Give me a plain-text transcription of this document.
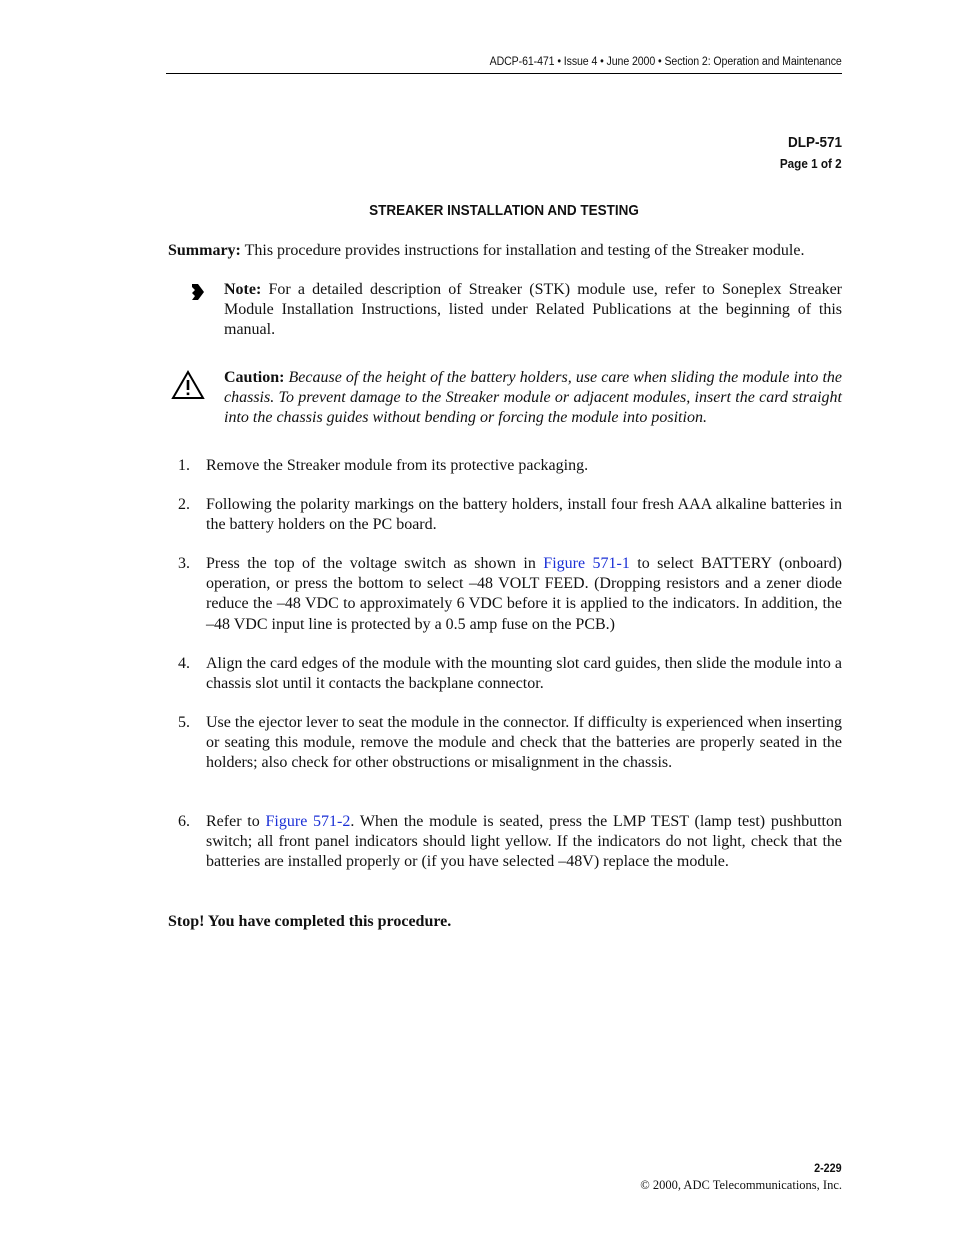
ADCP-61-471 • Issue 4 • June 2000 • Section 2: Operation and Maintenance
DLP-571
Page 1 of 2
STREAKER INSTALLATION AND TESTING
Summary: This procedure provides instructions for installation and testing of the Streaker module.
Note: For a detailed description of Streaker (STK) module use, refer to Soneplex Streaker Module Installation Instructions, listed under Related Publications at the beginning of this manual.
Caution: Because of the height of the battery holders, use care when sliding the module into the chassis. To prevent damage to the Streaker module or adjacent modules, insert the card straight into the chassis guides without bending or forcing the module into position.
1. Remove the Streaker module from its protective packaging.
2. Following the polarity markings on the battery holders, install four fresh AAA alkaline batteries in the battery holders on the PC board.
3. Press the top of the voltage switch as shown in Figure 571-1 to select BATTERY (onboard) operation, or press the bottom to select –48 VOLT FEED. (Dropping resistors and a zener diode reduce the –48 VDC to approximately 6 VDC before it is applied to the indicators. In addition, the –48 VDC input line is protected by a 0.5 amp fuse on the PCB.)
4. Align the card edges of the module with the mounting slot card guides, then slide the module into a chassis slot until it contacts the backplane connector.
5. Use the ejector lever to seat the module in the connector. If difficulty is experienced when inserting or seating this module, remove the module and check that the batteries are properly seated in the holders; also check for other obstructions or misalignment in the chassis.
6. Refer to Figure 571-2. When the module is seated, press the LMP TEST (lamp test) pushbutton switch; all front panel indicators should light yellow. If the indicators do not light, check that the batteries are installed properly or (if you have selected –48V) replace the module.
Stop! You have completed this procedure.
2-229
© 2000, ADC Telecommunications, Inc.
